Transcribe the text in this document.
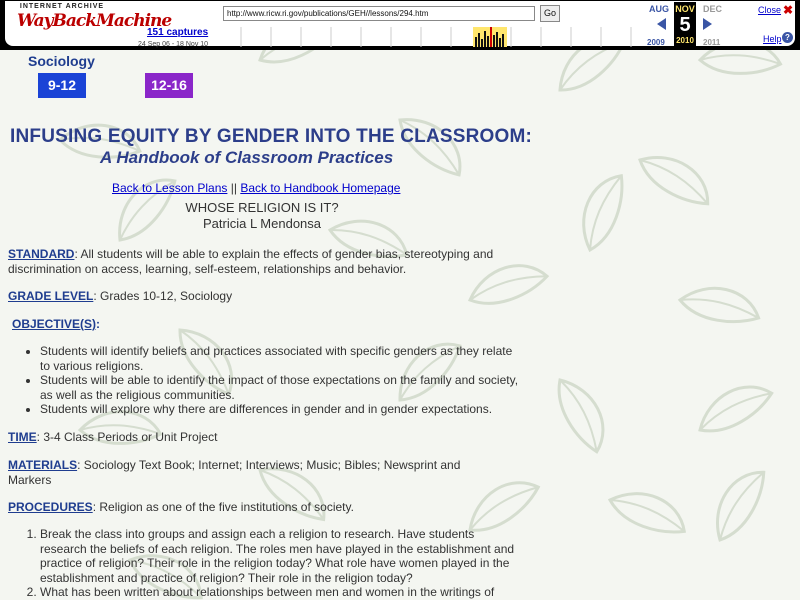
INTERNET ARCHIVE
WayBackMachine
http://www.ricw.ri.gov/publications/GEH//lessons/294.htm	Go
151 captures
24 Sep 06 - 18 Nov 10
AUG NOV
5
2010
DEC
2009	2011
Close ✖
Help ?
Sociology
9-12	12-16
INFUSING EQUITY BY GENDER INTO THE CLASSROOM:
A Handbook of Classroom Practices
Back to Lesson Plans || Back to Handbook Homepage
WHOSE RELIGION IS IT?
Patricia L Mendonsa
STANDARD: All students will be able to explain the effects of gender bias, stereotyping and discrimination on access, learning, self-esteem, relationships and behavior.
GRADE LEVEL: Grades 10-12, Sociology
OBJECTIVE(S):
• Students will identify beliefs and practices associated with specific genders as they relate to various religions.
• Students will be able to identify the impact of those expectations on the family and society, as well as the religious communities.
• Students will explore why there are differences in gender and in gender expectations.
TIME: 3-4 Class Periods or Unit Project
MATERIALS: Sociology Text Book; Internet; Interviews; Music; Bibles; Newsprint and Markers
PROCEDURES: Religion as one of the five institutions of society.
1. Break the class into groups and assign each a religion to research. Have students research the beliefs of each religion. The roles men have played in the establishment and practice of religion? Their role in the religion today? What role have women played in the establishment and practice of religion? Their role in the religion today?
2. What has been written about relationships between men and women in the writings of
